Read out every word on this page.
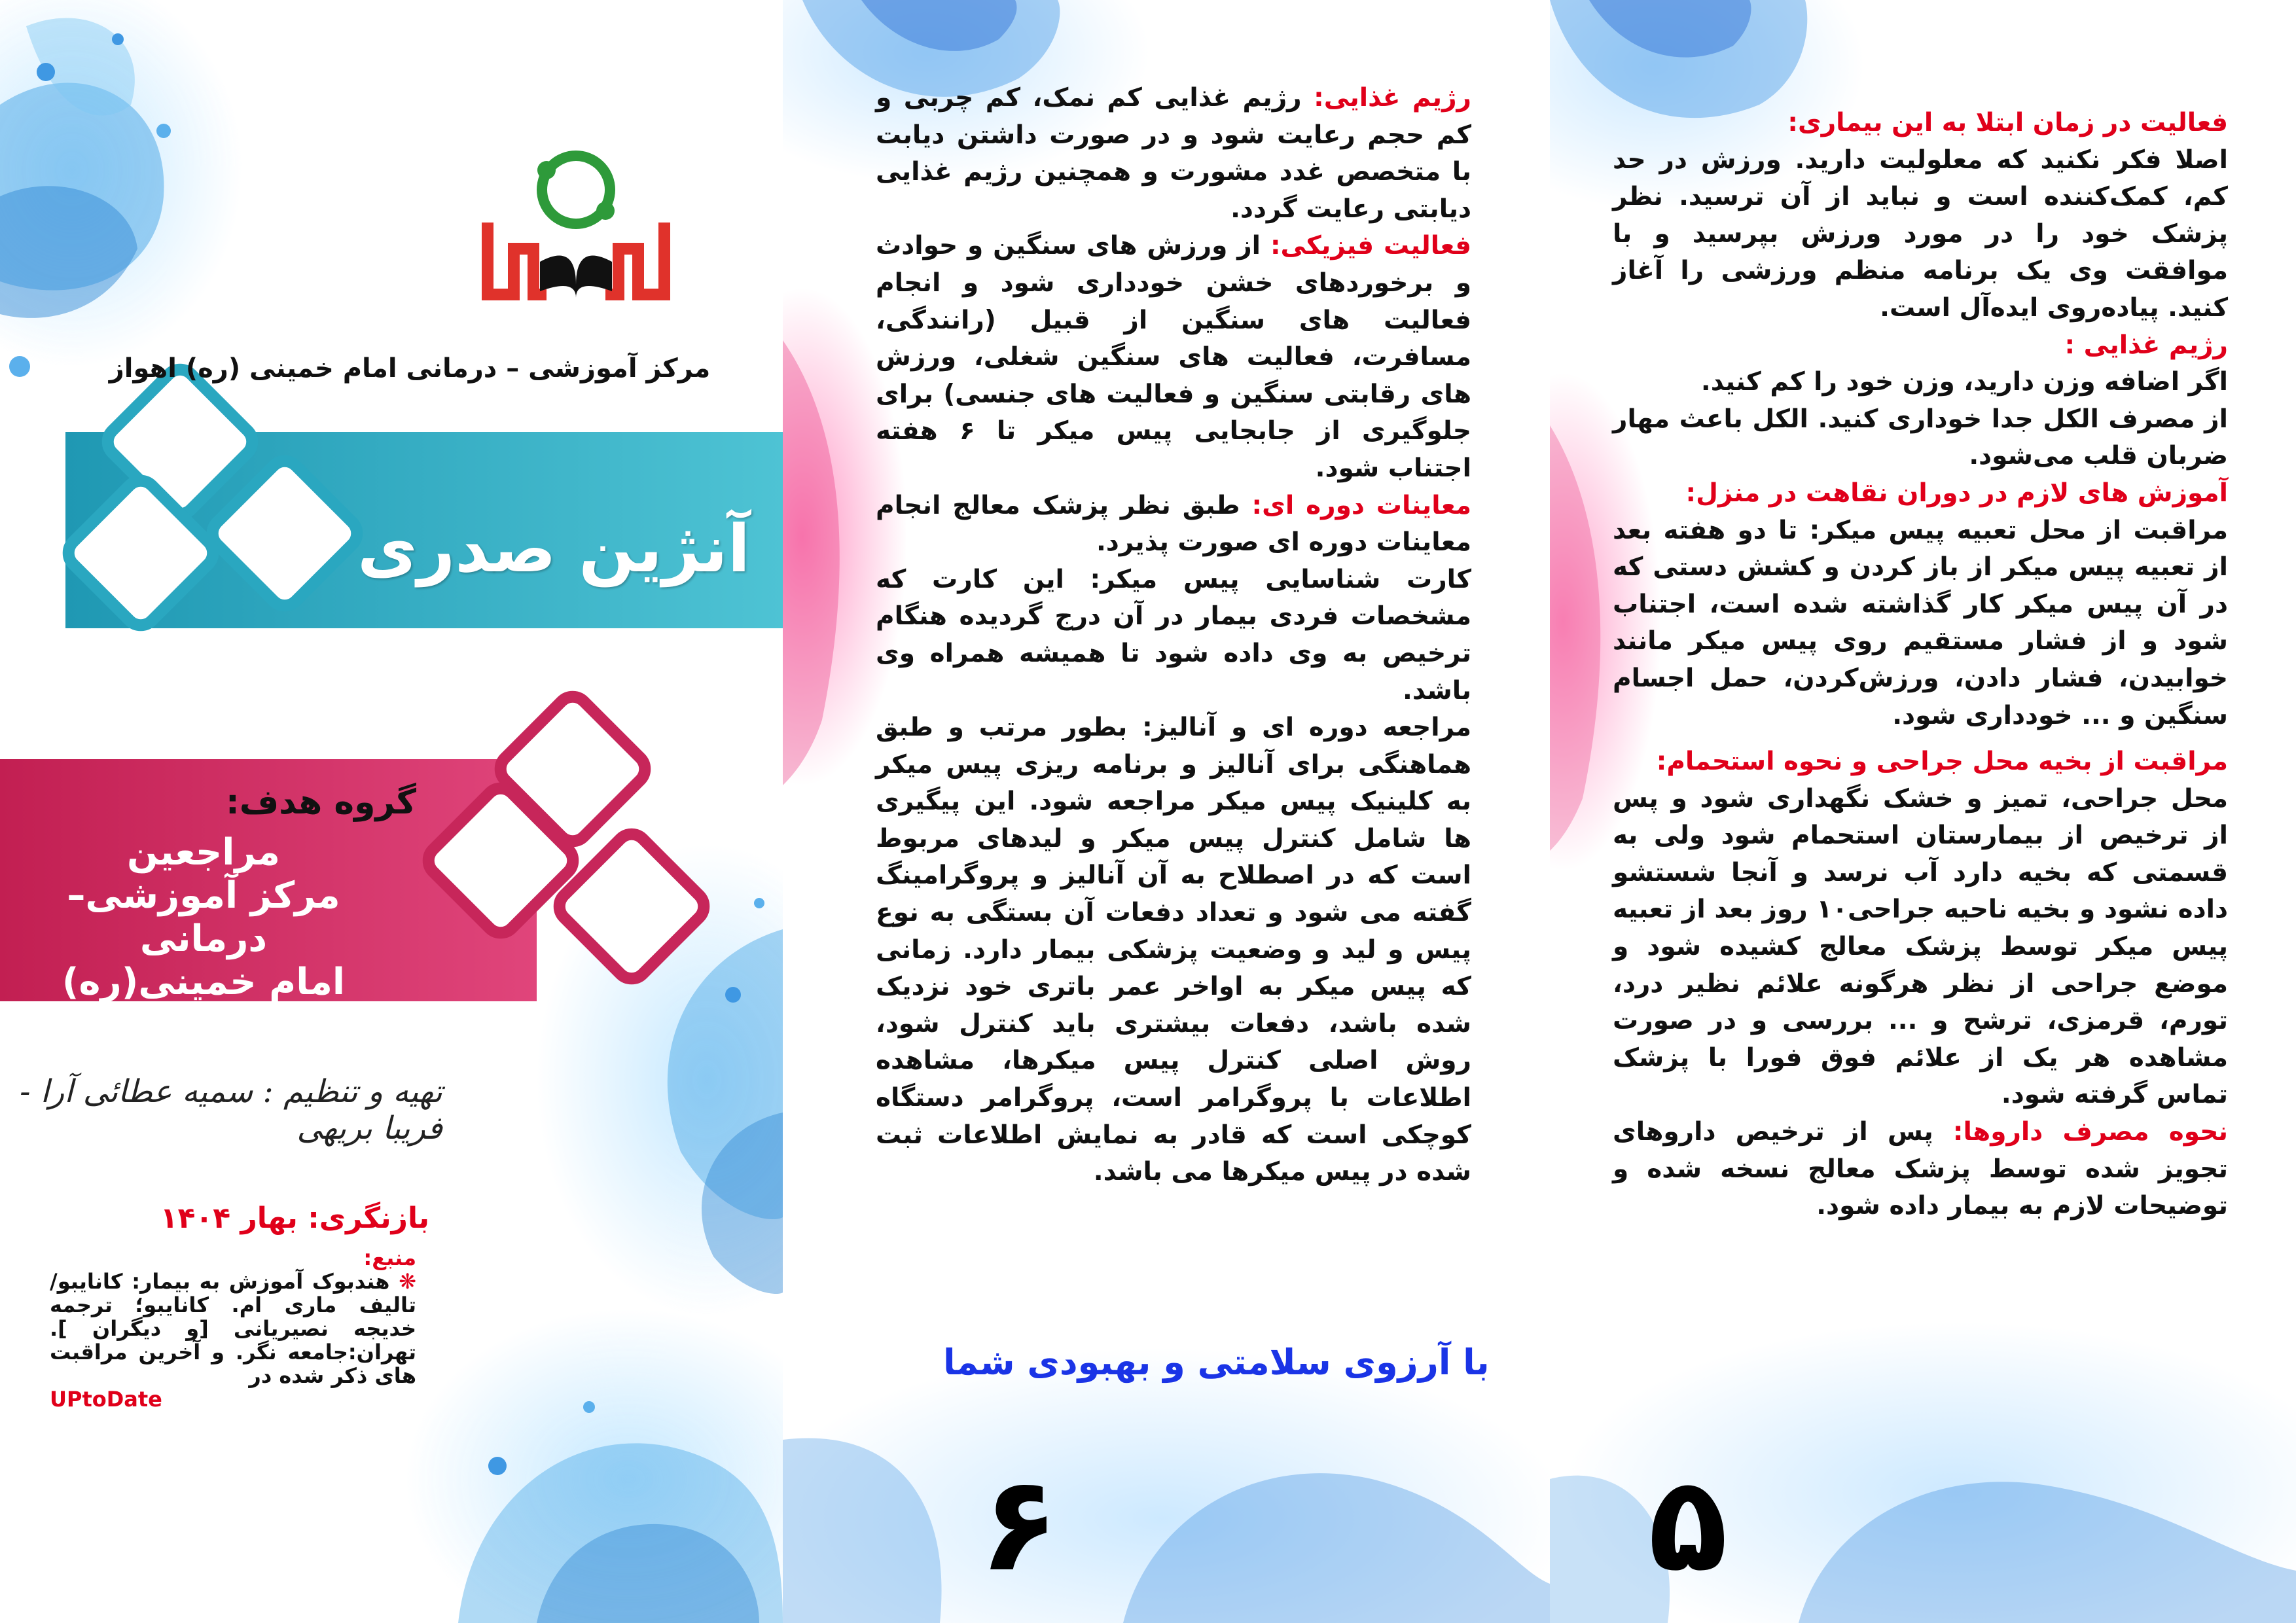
مرکز آموزشی – درمانی امام خمینی (ره) اهواز
آنژین صدری
گروه هدف:
مراجعین
مرکز آموزشی–درمانی
امام خمینی(ره)
تهیه و تنظیم : سمیه عطائی آرا - فریبا بریهی
بازنگری: بهار ۱۴۰۴
منبع:
❋ هندبوک آموزش به بیمار: کانایبو/ تالیف ماری ام. کانایبو؛ ترجمه خدیجه نصیریانی [و دیگران ]. تهران:جامعه نگر. و آخرین مراقبت های ذکر شده در
UPtoDate

رژیم غذایی: رژیم غذایی کم نمک، کم چربی و کم حجم رعایت شود و در صورت داشتن دیابت با متخصص غدد مشورت و همچنین رژیم غذایی دیابتی رعایت گردد.

فعالیت فیزیکی: از ورزش های سنگین و حوادث و برخوردهای خشن خودداری شود و انجام فعالیت های سنگین از قبیل (رانندگی، مسافرت، فعالیت های سنگین شغلی، ورزش های رقابتی سنگین و فعالیت های جنسی) برای جلوگیری از جابجایی پیس میکر تا ۶ هفته اجتناب شود.

معاینات دوره ای: طبق نظر پزشک معالج انجام معاینات دوره ای صورت پذیرد.

کارت شناسایی پیس میکر: این کارت که مشخصات فردی بیمار در آن درج گردیده هنگام ترخیص به وی داده شود تا همیشه همراه وی باشد.

مراجعه دوره ای و آنالیز: بطور مرتب و طبق هماهنگی برای آنالیز و برنامه ریزی پیس میکر به کلینیک پیس میکر مراجعه شود. این پیگیری ها شامل کنترل پیس میکر و لیدهای مربوط است که در اصطلاح به آن آنالیز و پروگرامینگ گفته می شود و تعداد دفعات آن بستگی به نوع پیس و لید و وضعیت پزشکی بیمار دارد. زمانی که پیس میکر به اواخر عمر باتری خود نزدیک شده باشد، دفعات بیشتری باید کنترل شود، روش اصلی کنترل پیس میکرها، مشاهده اطلاعات با پروگرامر است، پروگرامر دستگاه کوچکی است که قادر به نمایش اطلاعات ثبت شده در پیس میکرها می باشد.

با آرزوی سلامتی و بهبودی شما
۶
فعالیت در زمان ابتلا به این بیماری:

اصلا فکر نکنید که معلولیت دارید. ورزش در حد کم، کمک‌کننده است و نباید از آن ترسید. نظر پزشک خود را در مورد ورزش بپرسید و با موافقت وی یک برنامه منظم ورزشی را آغاز کنید. پیاده‌روی ایده‌آل است.

رژیم غذایی :

اگر اضافه وزن دارید، وزن خود را کم کنید.

از مصرف الکل جدا خوداری کنید. الکل باعث مهار ضربان قلب می‌شود.

آموزش های لازم در دوران نقاهت در منزل:

مراقبت از محل تعبیه پیس میکر: تا دو هفته بعد از تعبیه پیس میکر از باز کردن و کشش دستی که در آن پیس میکر کار گذاشته شده است، اجتناب شود و از فشار مستقیم روی پیس میکر مانند خوابیدن، فشار دادن، ورزش‌کردن، حمل اجسام سنگین و ... خودداری شود.

مراقبت از بخیه محل جراحی و نحوه استحمام:

محل جراحی، تمیز و خشک نگهداری شود و پس از ترخیص از بیمارستان استحمام شود ولی به قسمتی که بخیه دارد آب نرسد و آنجا شستشو داده نشود و بخیه ناحیه جراحی۱۰ روز بعد از تعبیه پیس میکر توسط پزشک معالج کشیده شود و موضع جراحی از نظر هرگونه علائم نظیر درد، تورم، قرمزی، ترشح و ... بررسی و در صورت مشاهده هر یک از علائم فوق فورا با پزشک تماس گرفته شود.

نحوه مصرف داروها: پس از ترخیص داروهای تجویز شده توسط پزشک معالج نسخه شده و توضیحات لازم به بیمار داده شود.

۵
